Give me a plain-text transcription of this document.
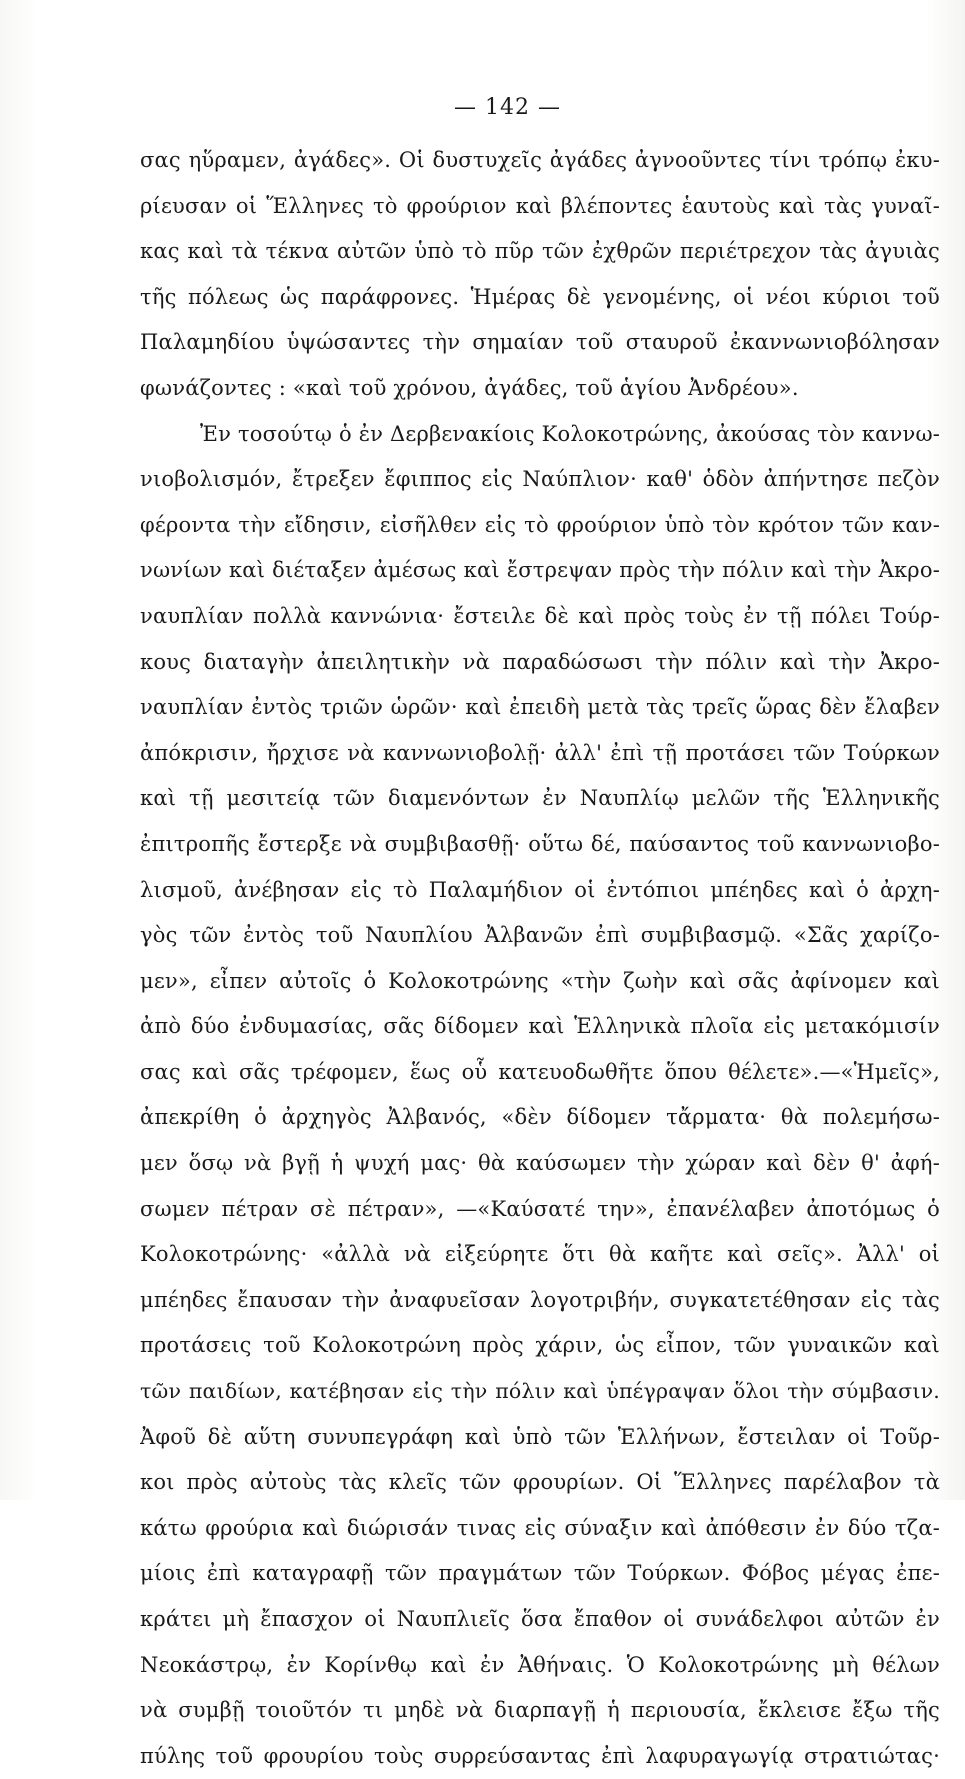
— 142 —
σας ηὕραμεν, ἀγάδες». Οἱ δυστυχεῖς ἀγάδες ἀγνοοῦντες τίνι τρόπῳ ἐκυ-
ρίευσαν οἱ Ἕλληνες τὸ φρούριον καὶ βλέποντες ἑαυτοὺς καὶ τὰς γυναῖ-
κας καὶ τὰ τέκνα αὐτῶν ὑπὸ τὸ πῦρ τῶν ἐχθρῶν περιέτρεχον τὰς ἀγυιὰς
τῆς πόλεως ὡς παράφρονες. Ἡμέρας δὲ γενομένης, οἱ νέοι κύριοι τοῦ
Παλαμηδίου ὑψώσαντες τὴν σημαίαν τοῦ σταυροῦ ἐκαννωνιοβόλησαν
φωνάζοντες : «καὶ τοῦ χρόνου, ἀγάδες, τοῦ ἁγίου Ἀνδρέου».
Ἐν τοσούτῳ ὁ ἐν Δερβενακίοις Κολοκοτρώνης, ἀκούσας τὸν καννω-
νιοβολισμόν, ἔτρεξεν ἔφιππος εἰς Ναύπλιον· καθ' ὁδὸν ἀπήντησε πεζὸν
φέροντα τὴν εἴδησιν, εἰσῆλθεν εἰς τὸ φρούριον ὑπὸ τὸν κρότον τῶν καν-
νωνίων καὶ διέταξεν ἀμέσως καὶ ἔστρεψαν πρὸς τὴν πόλιν καὶ τὴν Ἀκρο-
ναυπλίαν πολλὰ καννώνια· ἔστειλε δὲ καὶ πρὸς τοὺς ἐν τῇ πόλει Τούρ-
κους διαταγὴν ἀπειλητικὴν νὰ παραδώσωσι τὴν πόλιν καὶ τὴν Ἀκρο-
ναυπλίαν ἐντὸς τριῶν ὡρῶν· καὶ ἐπειδὴ μετὰ τὰς τρεῖς ὥρας δὲν ἔλαβεν
ἀπόκρισιν, ἤρχισε νὰ καννωνιοβολῇ· ἀλλ' ἐπὶ τῇ προτάσει τῶν Τούρκων
καὶ τῇ μεσιτείᾳ τῶν διαμενόντων ἐν Ναυπλίῳ μελῶν τῆς Ἑλληνικῆς
ἐπιτροπῆς ἔστερξε νὰ συμβιβασθῇ· οὕτω δέ, παύσαντος τοῦ καννωνιοβο-
λισμοῦ, ἀνέβησαν εἰς τὸ Παλαμήδιον οἱ ἐντόπιοι μπέηδες καὶ ὁ ἀρχη-
γὸς τῶν ἐντὸς τοῦ Ναυπλίου Ἀλβανῶν ἐπὶ συμβιβασμῷ. «Σᾶς χαρίζο-
μεν», εἶπεν αὐτοῖς ὁ Κολοκοτρώνης «τὴν ζωὴν καὶ σᾶς ἀφίνομεν καὶ
ἀπὸ δύο ἐνδυμασίας, σᾶς δίδομεν καὶ Ἑλληνικὰ πλοῖα εἰς μετακόμισίν
σας καὶ σᾶς τρέφομεν, ἕως οὗ κατευοδωθῆτε ὅπου θέλετε».—«Ἡμεῖς»,
ἀπεκρίθη ὁ ἀρχηγὸς Ἀλβανός, «δὲν δίδομεν τἄρματα· θὰ πολεμήσω-
μεν ὅσῳ νὰ βγῇ ἡ ψυχή μας· θὰ καύσωμεν τὴν χώραν καὶ δὲν θ' ἀφή-
σωμεν πέτραν σὲ πέτραν», —«Καύσατέ την», ἐπανέλαβεν ἀποτόμως ὁ
Κολοκοτρώνης· «ἀλλὰ νὰ εἰξεύρητε ὅτι θὰ καῆτε καὶ σεῖς». Ἀλλ' οἱ
μπέηδες ἔπαυσαν τὴν ἀναφυεῖσαν λογοτριβήν, συγκατετέθησαν εἰς τὰς
προτάσεις τοῦ Κολοκοτρώνη πρὸς χάριν, ὡς εἶπον, τῶν γυναικῶν καὶ
τῶν παιδίων, κατέβησαν εἰς τὴν πόλιν καὶ ὑπέγραψαν ὅλοι τὴν σύμβασιν.
Ἀφοῦ δὲ αὕτη συνυπεγράφη καὶ ὑπὸ τῶν Ἑλλήνων, ἔστειλαν οἱ Τοῦρ-
κοι πρὸς αὐτοὺς τὰς κλεῖς τῶν φρουρίων. Οἱ Ἕλληνες παρέλαβον τὰ
κάτω φρούρια καὶ διώρισάν τινας εἰς σύναξιν καὶ ἀπόθεσιν ἐν δύο τζα-
μίοις ἐπὶ καταγραφῇ τῶν πραγμάτων τῶν Τούρκων. Φόβος μέγας ἐπε-
κράτει μὴ ἔπασχον οἱ Ναυπλιεῖς ὅσα ἔπαθον οἱ συνάδελφοι αὐτῶν ἐν
Νεοκάστρῳ, ἐν Κορίνθῳ καὶ ἐν Ἀθήναις. Ὁ Κολοκοτρώνης μὴ θέλων
νὰ συμβῇ τοιοῦτόν τι μηδὲ νὰ διαρπαγῇ ἡ περιουσία, ἔκλεισε ἔξω τῆς
πύλης τοῦ φρουρίου τοὺς συρρεύσαντας ἐπὶ λαφυραγωγίᾳ στρατιώτας·
